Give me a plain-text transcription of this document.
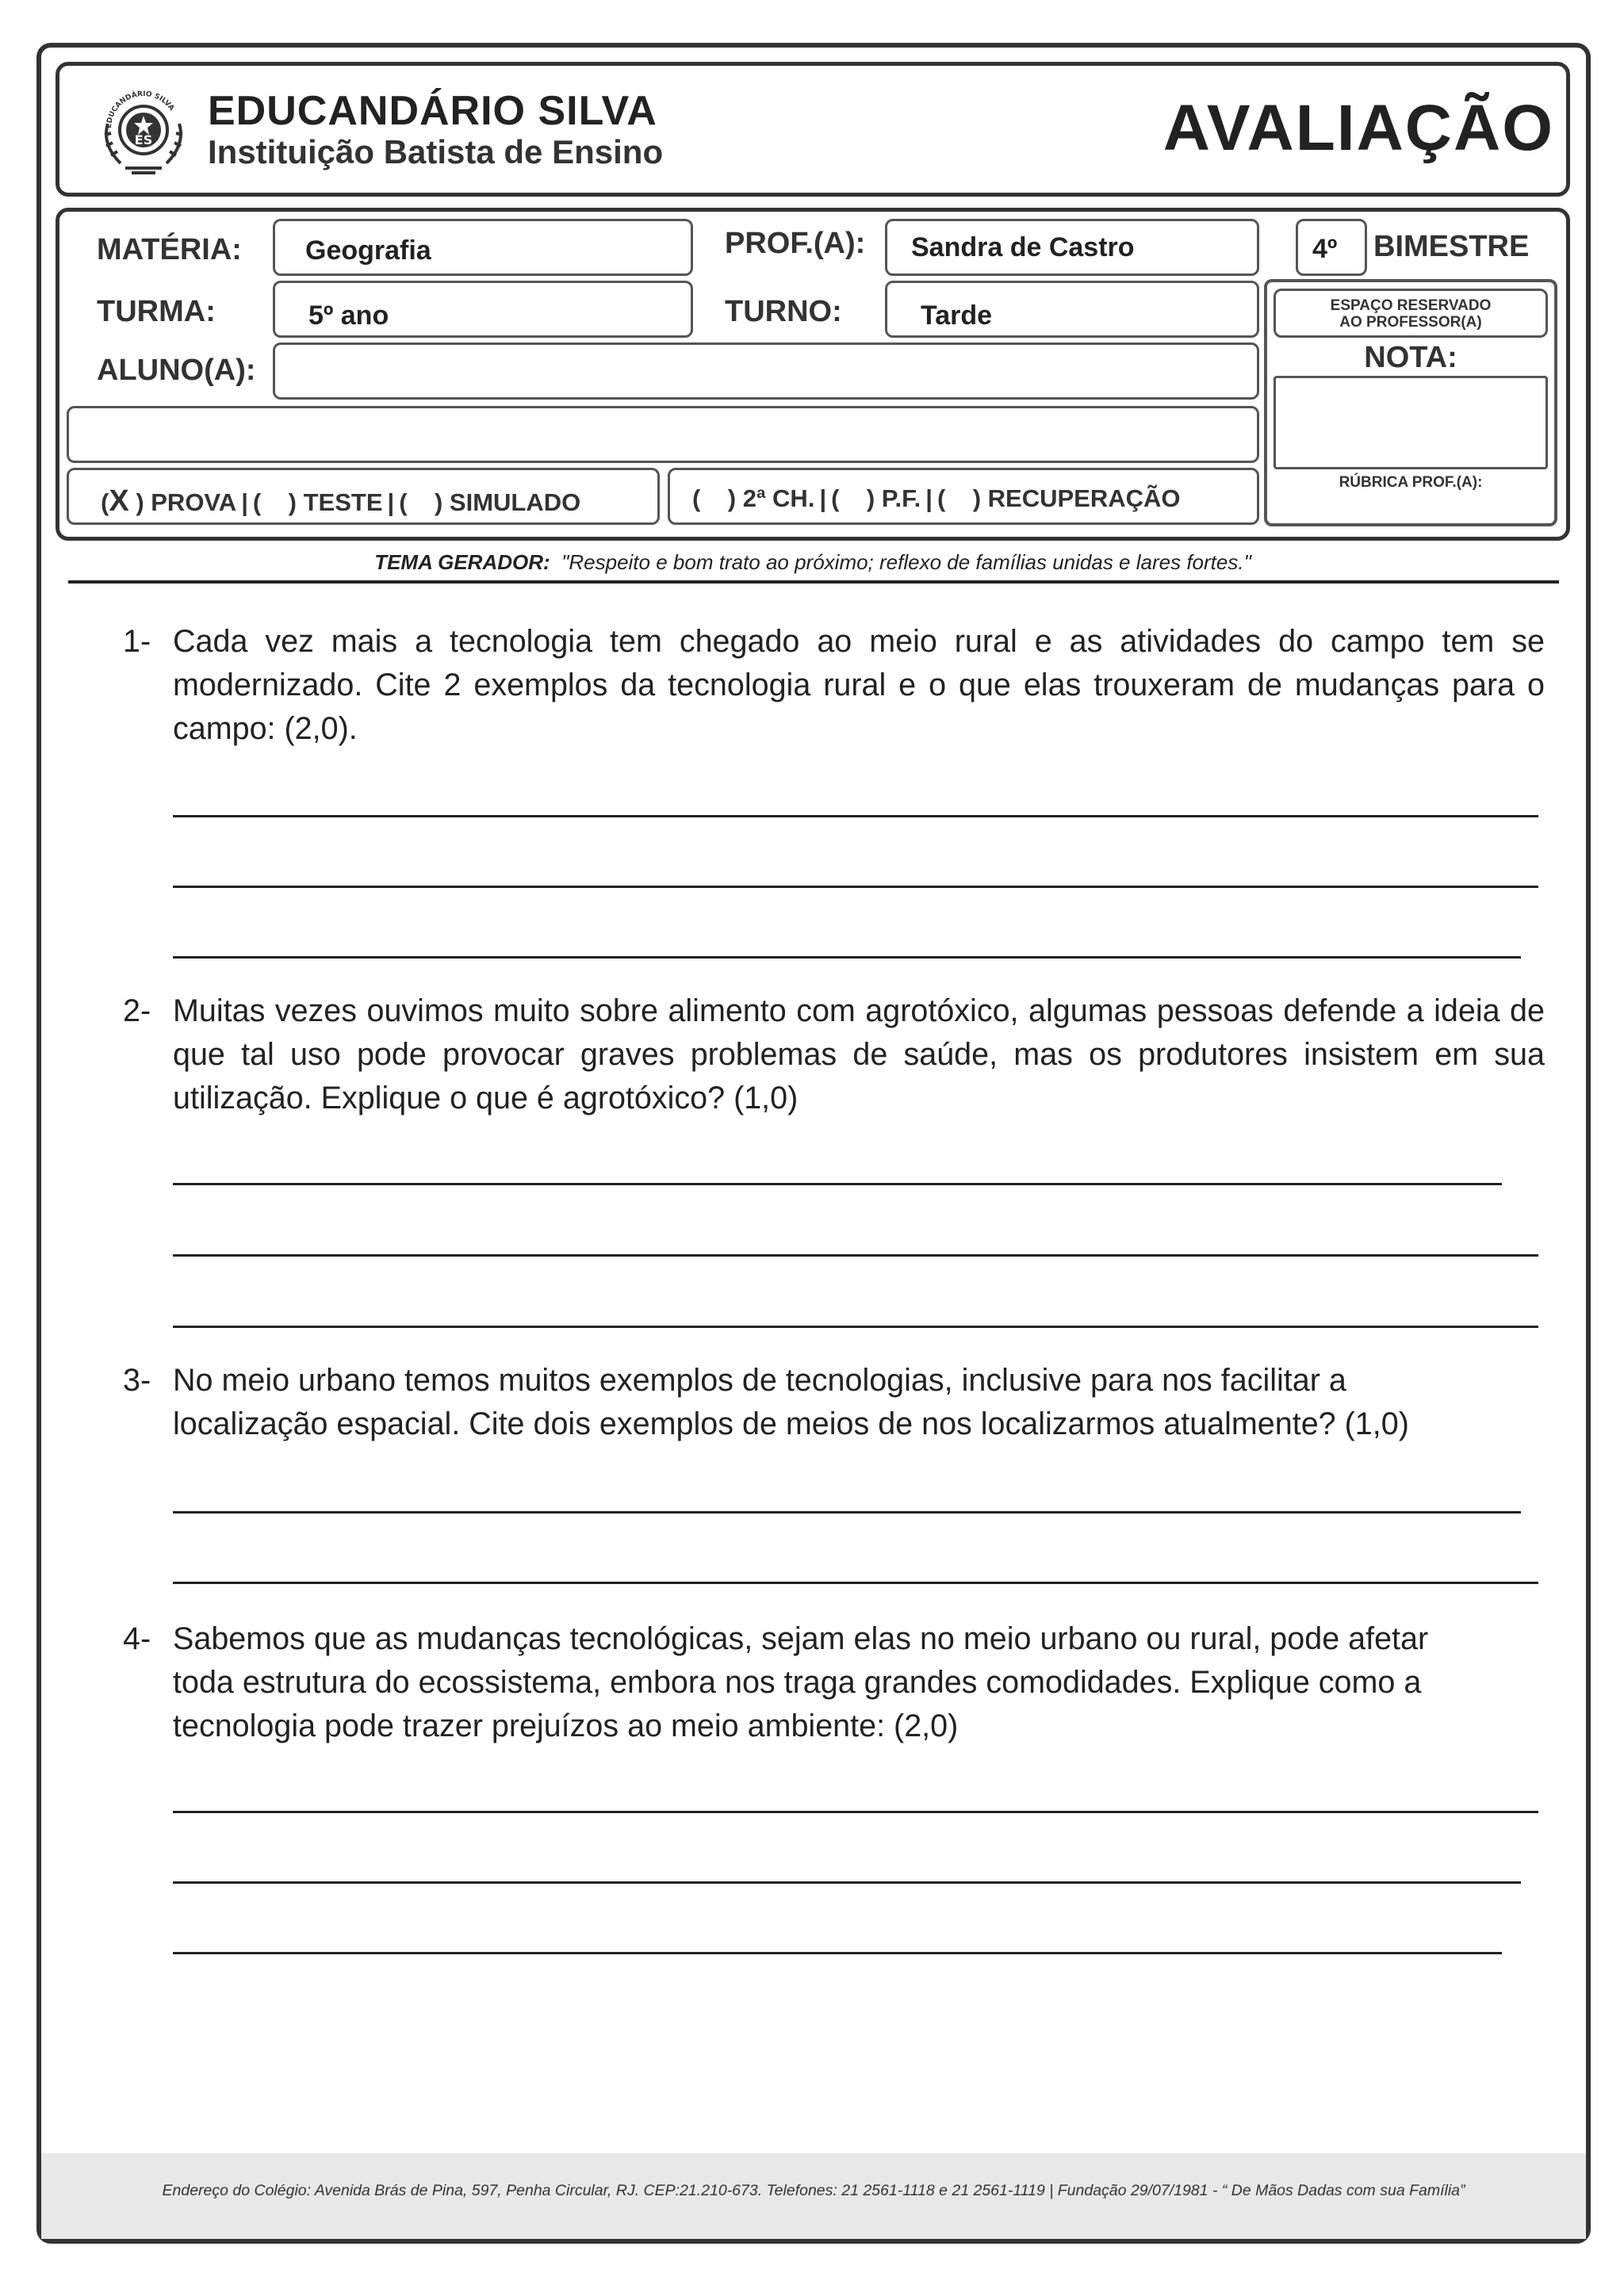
EDUCANDÁRIO SILVA
ES
EDUCANDÁRIO SILVA
Instituição Batista de Ensino	AVALIAÇÃO
MATÉRIA: Geografia	PROF.(A): Sandra de Castro	4º BIMESTRE
TURMA:	5º ano	TURNO:	Tarde
ALUNO(A):
(X ) PROVA | (    ) TESTE | (    ) SIMULADO	(    ) 2ª CH. | (    ) P.F. | (    ) RECUPERAÇÃO
ESPAÇO RESERVADO
AO PROFESSOR(A)
NOTA:
RÚBRICA PROF.(A):
TEMA GERADOR: "Respeito e bom trato ao próximo; reflexo de famílias unidas e lares fortes."
1- Cada vez mais a tecnologia tem chegado ao meio rural e as atividades do campo tem se modernizado. Cite 2 exemplos da tecnologia rural e o que elas trouxeram de mudanças para o campo: (2,0).
2- Muitas vezes ouvimos muito sobre alimento com agrotóxico, algumas pessoas defende a ideia de que tal uso pode provocar graves problemas de saúde, mas os produtores insistem em sua utilização. Explique o que é agrotóxico? (1,0)
3- No meio urbano temos muitos exemplos de tecnologias, inclusive para nos facilitar a
localização espacial. Cite dois exemplos de meios de nos localizarmos atualmente? (1,0)
4- Sabemos que as mudanças tecnológicas, sejam elas no meio urbano ou rural, pode afetar
toda estrutura do ecossistema, embora nos traga grandes comodidades. Explique como a
tecnologia pode trazer prejuízos ao meio ambiente: (2,0)
Endereço do Colégio: Avenida Brás de Pina, 597, Penha Circular, RJ. CEP:21.210-673. Telefones: 21 2561-1118 e 21 2561-1119 | Fundação 29/07/1981 - “ De Mãos Dadas com sua Família”
